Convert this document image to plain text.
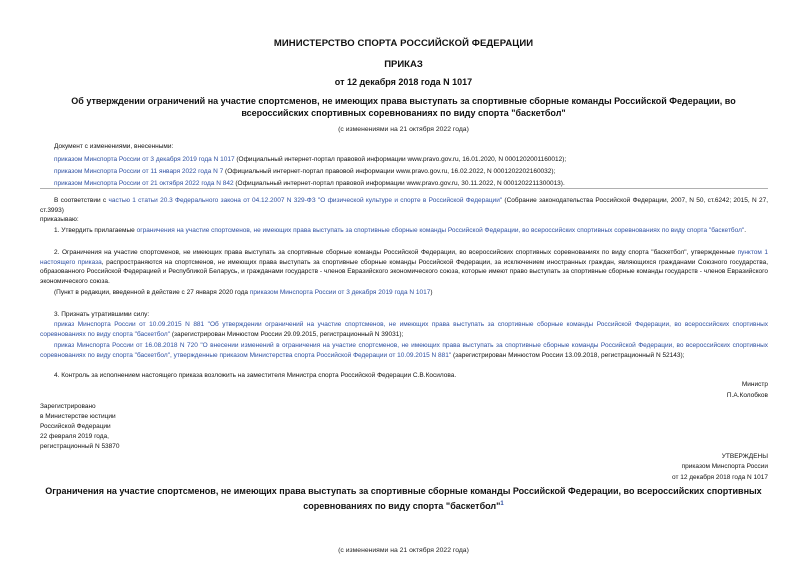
МИНИСТЕРСТВО СПОРТА РОССИЙСКОЙ ФЕДЕРАЦИИ
ПРИКАЗ
от 12 декабря 2018 года N 1017
Об утверждении ограничений на участие спортсменов, не имеющих права выступать за спортивные сборные команды Российской Федерации, во всероссийских спортивных соревнованиях по виду спорта "баскетбол"
(с изменениями на 21 октября 2022 года)
Документ с изменениями, внесенными:
приказом Минспорта России от 3 декабря 2019 года N 1017 (Официальный интернет-портал правовой информации www.pravo.gov.ru, 16.01.2020, N 0001202001160012);
приказом Минспорта России от 11 января 2022 года N 7 (Официальный интернет-портал правовой информации www.pravo.gov.ru, 16.02.2022, N 0001202202160032);
приказом Минспорта России от 21 октября 2022 года N 842 (Официальный интернет-портал правовой информации www.pravo.gov.ru, 30.11.2022, N 0001202211300013).
В соответствии с частью 1 статьи 20.3 Федерального закона от 04.12.2007 N 329-ФЗ "О физической культуре и спорте в Российской Федерации" (Собрание законодательства Российской Федерации, 2007, N 50, ст.6242; 2015, N 27, ст.3993)
приказываю:
1. Утвердить прилагаемые ограничения на участие спортсменов, не имеющих права выступать за спортивные сборные команды Российской Федерации, во всероссийских спортивных соревнованиях по виду спорта "баскетбол".
2. Ограничения на участие спортсменов, не имеющих права выступать за спортивные сборные команды Российской Федерации, во всероссийских спортивных соревнованиях по виду спорта "баскетбол", утвержденные пунктом 1 настоящего приказа, распространяются на спортсменов, не имеющих права выступать за спортивные сборные команды Российской Федерации, за исключением иностранных граждан, являющихся гражданами Союзного государства, образованного Российской Федерацией и Республикой Беларусь, и гражданами государств - членов Евразийского экономического союза, которые имеют право выступать за спортивные сборные команды государств - членов Евразийского экономического союза.
(Пункт в редакции, введенной в действие с 27 января 2020 года приказом Минспорта России от 3 декабря 2019 года N 1017)
3. Признать утратившими силу:
приказ Минспорта России от 10.09.2015 N 881 "Об утверждении ограничений на участие спортсменов, не имеющих права выступать за спортивные сборные команды Российской Федерации, во всероссийских спортивных соревнованиях по виду спорта "баскетбол" (зарегистрирован Минюстом России 29.09.2015, регистрационный N 39031);
приказ Минспорта России от 16.08.2018 N 720 "О внесении изменений в ограничения на участие спортсменов, не имеющих права выступать за спортивные сборные команды Российской Федерации, во всероссийских спортивных соревнованиях по виду спорта "баскетбол", утвержденные приказом Министерства спорта Российской Федерации от 10.09.2015 N 881" (зарегистрирован Минюстом России 13.09.2018, регистрационный N 52143);
4. Контроль за исполнением настоящего приказа возложить на заместителя Министра спорта Российской Федерации С.В.Косилова.
Министр
П.А.Колобков
Зарегистрировано
в Министерстве юстиции
Российской Федерации
22 февраля 2019 года,
регистрационный N 53870
УТВЕРЖДЕНЫ
приказом Минспорта России
от 12 декабря 2018 года N 1017
Ограничения на участие спортсменов, не имеющих права выступать за спортивные сборные команды Российской Федерации, во всероссийских спортивных соревнованиях по виду спорта "баскетбол"$^1$
(с изменениями на 21 октября 2022 года)
